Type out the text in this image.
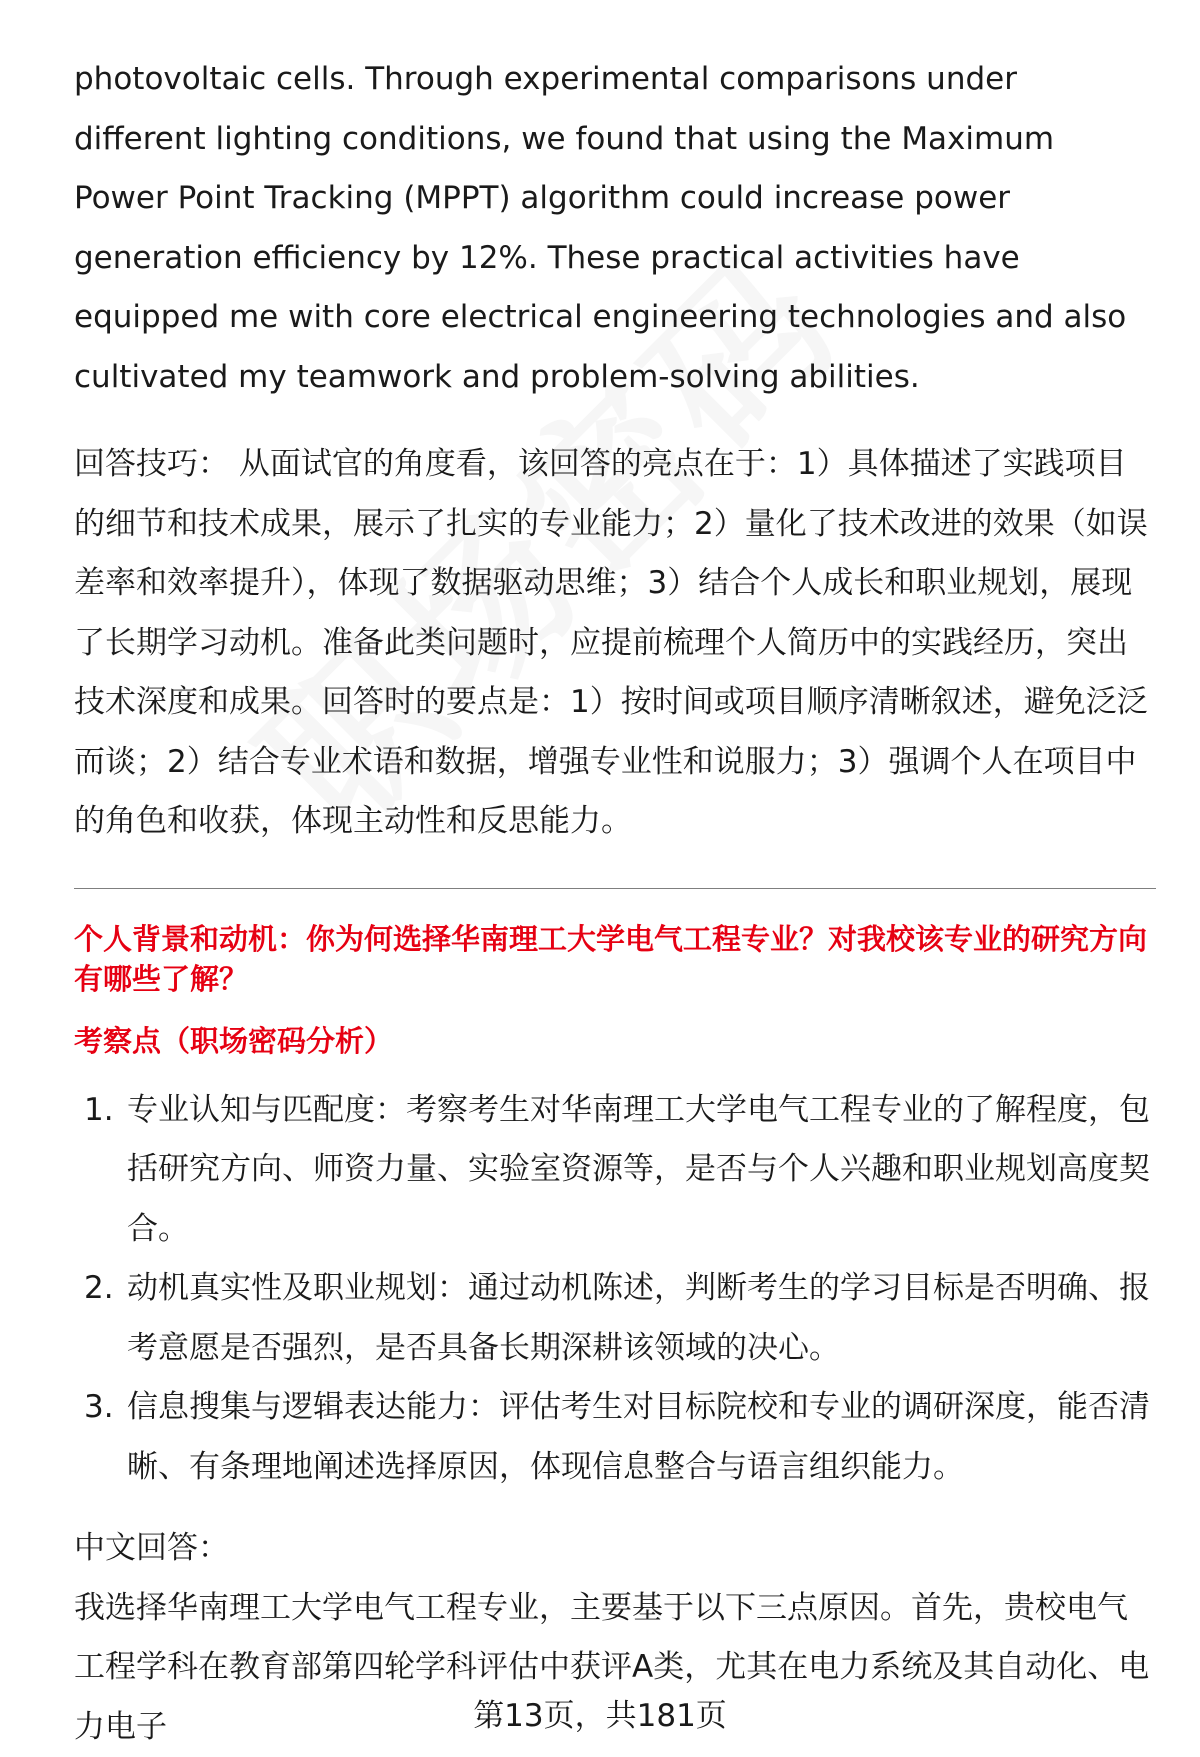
photovoltaic cells. Through experimental comparisons under different lighting conditions, we found that using the Maximum Power Point Tracking (MPPT) algorithm could increase power generation efficiency by 12%. These practical activities have equipped me with core electrical engineering technologies and also cultivated my teamwork and problem-solving abilities.

回答技巧： 从面试官的角度看，该回答的亮点在于：1）具体描述了实践项目的细节和技术成果，展示了扎实的专业能力；2）量化了技术改进的效果（如误差率和效率提升），体现了数据驱动思维；3）结合个人成长和职业规划，展现了长期学习动机。准备此类问题时，应提前梳理个人简历中的实践经历，突出技术深度和成果。回答时的要点是：1）按时间或项目顺序清晰叙述，避免泛泛而谈；2）结合专业术语和数据，增强专业性和说服力；3）强调个人在项目中的角色和收获，体现主动性和反思能力。

个人背景和动机：你为何选择华南理工大学电气工程专业？对我校该专业的研究方向有哪些了解？
考察点（职场密码分析）
1. 专业认知与匹配度：考察考生对华南理工大学电气工程专业的了解程度，包括研究方向、师资力量、实验室资源等，是否与个人兴趣和职业规划高度契合。
2. 动机真实性及职业规划：通过动机陈述，判断考生的学习目标是否明确、报考意愿是否强烈，是否具备长期深耕该领域的决心。
3. 信息搜集与逻辑表达能力：评估考生对目标院校和专业的调研深度，能否清晰、有条理地阐述选择原因，体现信息整合与语言组织能力。

中文回答：

我选择华南理工大学电气工程专业，主要基于以下三点原因。首先，贵校电气工程学科在教育部第四轮学科评估中获评A类，尤其在电力系统及其自动化、电力电子	第13页，共181页
